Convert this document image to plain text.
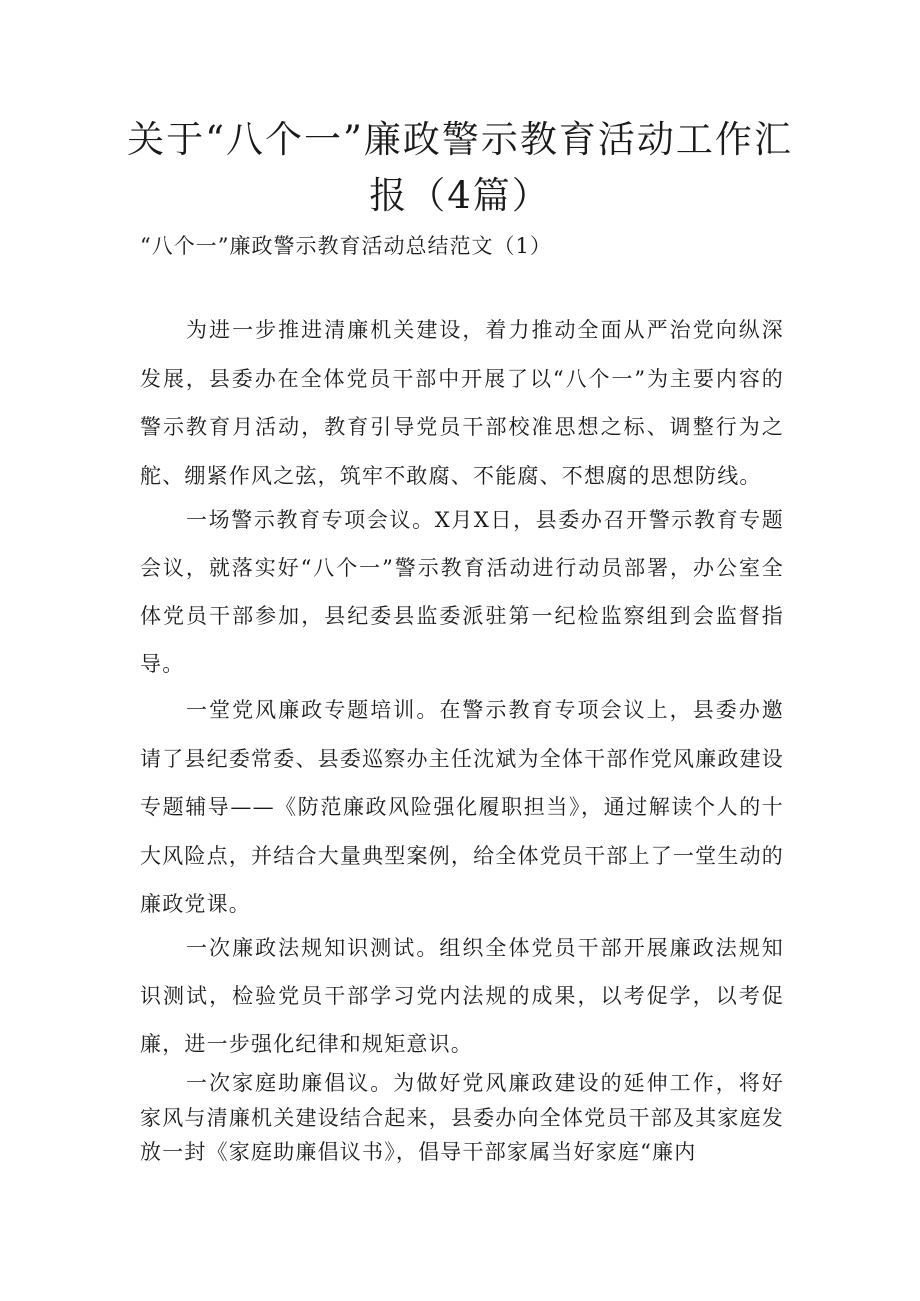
关于“八个一”廉政警示教育活动工作汇报（4篇）

“八个一”廉政警示教育活动总结范文（1）

为进一步推进清廉机关建设，着力推动全面从严治党向纵深发展，县委办在全体党员干部中开展了以“八个一”为主要内容的警示教育月活动，教育引导党员干部校准思想之标、调整行为之舵、绷紧作风之弦，筑牢不敢腐、不能腐、不想腐的思想防线。

一场警示教育专项会议。X月X日，县委办召开警示教育专题会议，就落实好“八个一”警示教育活动进行动员部署，办公室全体党员干部参加，县纪委县监委派驻第一纪检监察组到会监督指导。

一堂党风廉政专题培训。在警示教育专项会议上，县委办邀请了县纪委常委、县委巡察办主任沈斌为全体干部作党风廉政建设专题辅导——《防范廉政风险强化履职担当》，通过解读个人的十大风险点，并结合大量典型案例，给全体党员干部上了一堂生动的廉政党课。

一次廉政法规知识测试。组织全体党员干部开展廉政法规知识测试，检验党员干部学习党内法规的成果，以考促学，以考促廉，进一步强化纪律和规矩意识。

一次家庭助廉倡议。为做好党风廉政建设的延伸工作，将好家风与清廉机关建设结合起来，县委办向全体党员干部及其家庭发放一封《家庭助廉倡议书》，倡导干部家属当好家庭“廉内
